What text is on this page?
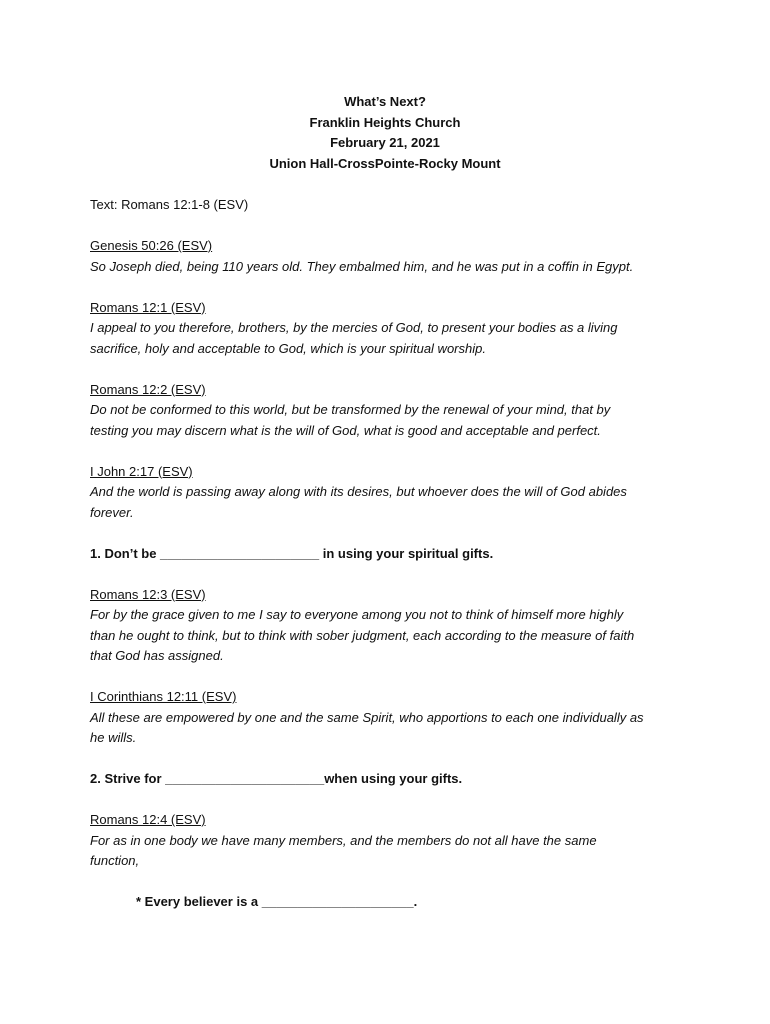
What’s Next?
Franklin Heights Church
February 21, 2021
Union Hall-CrossPointe-Rocky Mount
Text: Romans 12:1-8 (ESV)
Genesis 50:26 (ESV)
So Joseph died, being 110 years old. They embalmed him, and he was put in a coffin in Egypt.
Romans 12:1 (ESV)
I appeal to you therefore, brothers, by the mercies of God, to present your bodies as a living
sacrifice, holy and acceptable to God, which is your spiritual worship.
Romans 12:2 (ESV)
Do not be conformed to this world, but be transformed by the renewal of your mind, that by
testing you may discern what is the will of God, what is good and acceptable and perfect.
I John 2:17 (ESV)
And the world is passing away along with its desires, but whoever does the will of God abides
forever.
1. Don’t be ______________________ in using your spiritual gifts.
Romans 12:3 (ESV)
For by the grace given to me I say to everyone among you not to think of himself more highly
than he ought to think, but to think with sober judgment, each according to the measure of faith
that God has assigned.
I Corinthians 12:11 (ESV)
All these are empowered by one and the same Spirit, who apportions to each one individually as
he wills.
2. Strive for ______________________when using your gifts.
Romans 12:4 (ESV)
For as in one body we have many members, and the members do not all have the same
function,
* Every believer is a _____________________.
